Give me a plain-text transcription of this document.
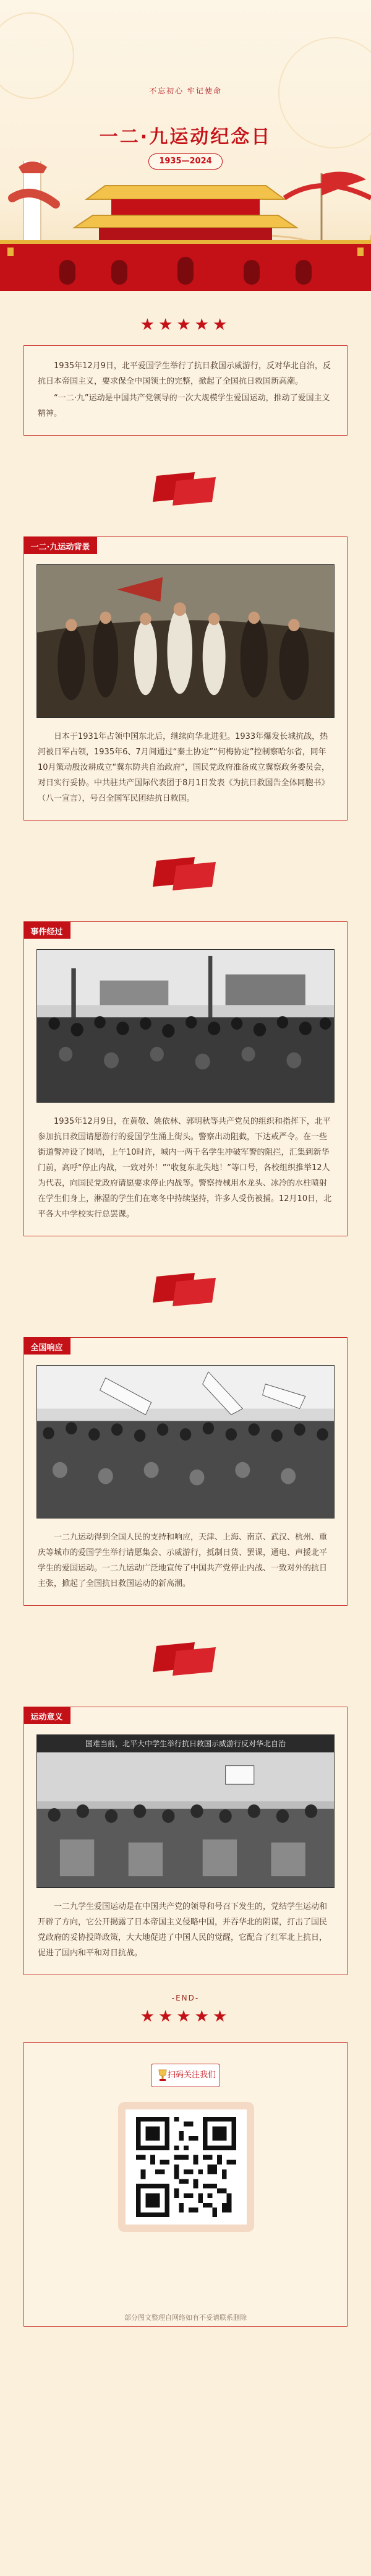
不忘初心 牢记使命
一二·九运动纪念日
1935—2024
★★★★★

1935年12月9日，北平爱国学生举行了抗日救国示威游行，反对华北自治，反抗日本帝国主义，要求保全中国领土的完整，掀起了全国抗日救国新高潮。

“一二·九”运动是中国共产党领导的一次大规模学生爱国运动，推动了爱国主义精神。

一二·九运动背景

日本于1931年占领中国东北后，继续向华北进犯。1933年爆发长城抗战，热河被日军占领，1935年6、7月间通过“秦土协定”“何梅协定”控制察哈尔省，同年10月策动殷汝耕成立“冀东防共自治政府”，国民党政府准备成立冀察政务委员会，对日实行妥协。中共驻共产国际代表团于8月1日发表《为抗日救国告全体同胞书》（八一宣言），号召全国军民团结抗日救国。

事件经过

1935年12月9日，在黄敬、姚依林、郭明秋等共产党员的组织和指挥下，北平参加抗日救国请愿游行的爱国学生涌上街头。警察出动阻截，下达戒严令。在一些街道警冲设了岗哨，上午10时许，城内一两千名学生冲破军警的阻拦，汇集到新华门前，高呼“停止内战，一致对外！”“收复东北失地！”等口号，各校组织推举12人为代表，向国民党政府请愿要求停止内战等。警察持械用水龙头、冰冷的水柱喷射在学生们身上，淋湿的学生们在寒冬中持续坚持，许多人受伤被捕。12月10日，北平各大中学校实行总罢课。

全国响应

一二九运动得到全国人民的支持和响应，天津、上海、南京、武汉、杭州、重庆等城市的爱国学生举行请愿集会、示威游行，抵制日货、罢课，通电、声援北平学生的爱国运动。一二九运动广泛地宣传了中国共产党停止内战、一致对外的抗日主张，掀起了全国抗日救国运动的新高潮。

运动意义
国难当前，北平大中学生举行抗日救国示威游行反对华北自治

一二九学生爱国运动是在中国共产党的领导和号召下发生的，党结学生运动和开辟了方向，它公开揭露了日本帝国主义侵略中国，并吞华北的阴谋，打击了国民党政府的妥协投降政策，大大地促进了中国人民的觉醒，它配合了红军北上抗日，促进了国内和平和对日抗战。

-END-
★★★★★
扫码关注我们
部分图文整理自网络如有不妥请联系删除
